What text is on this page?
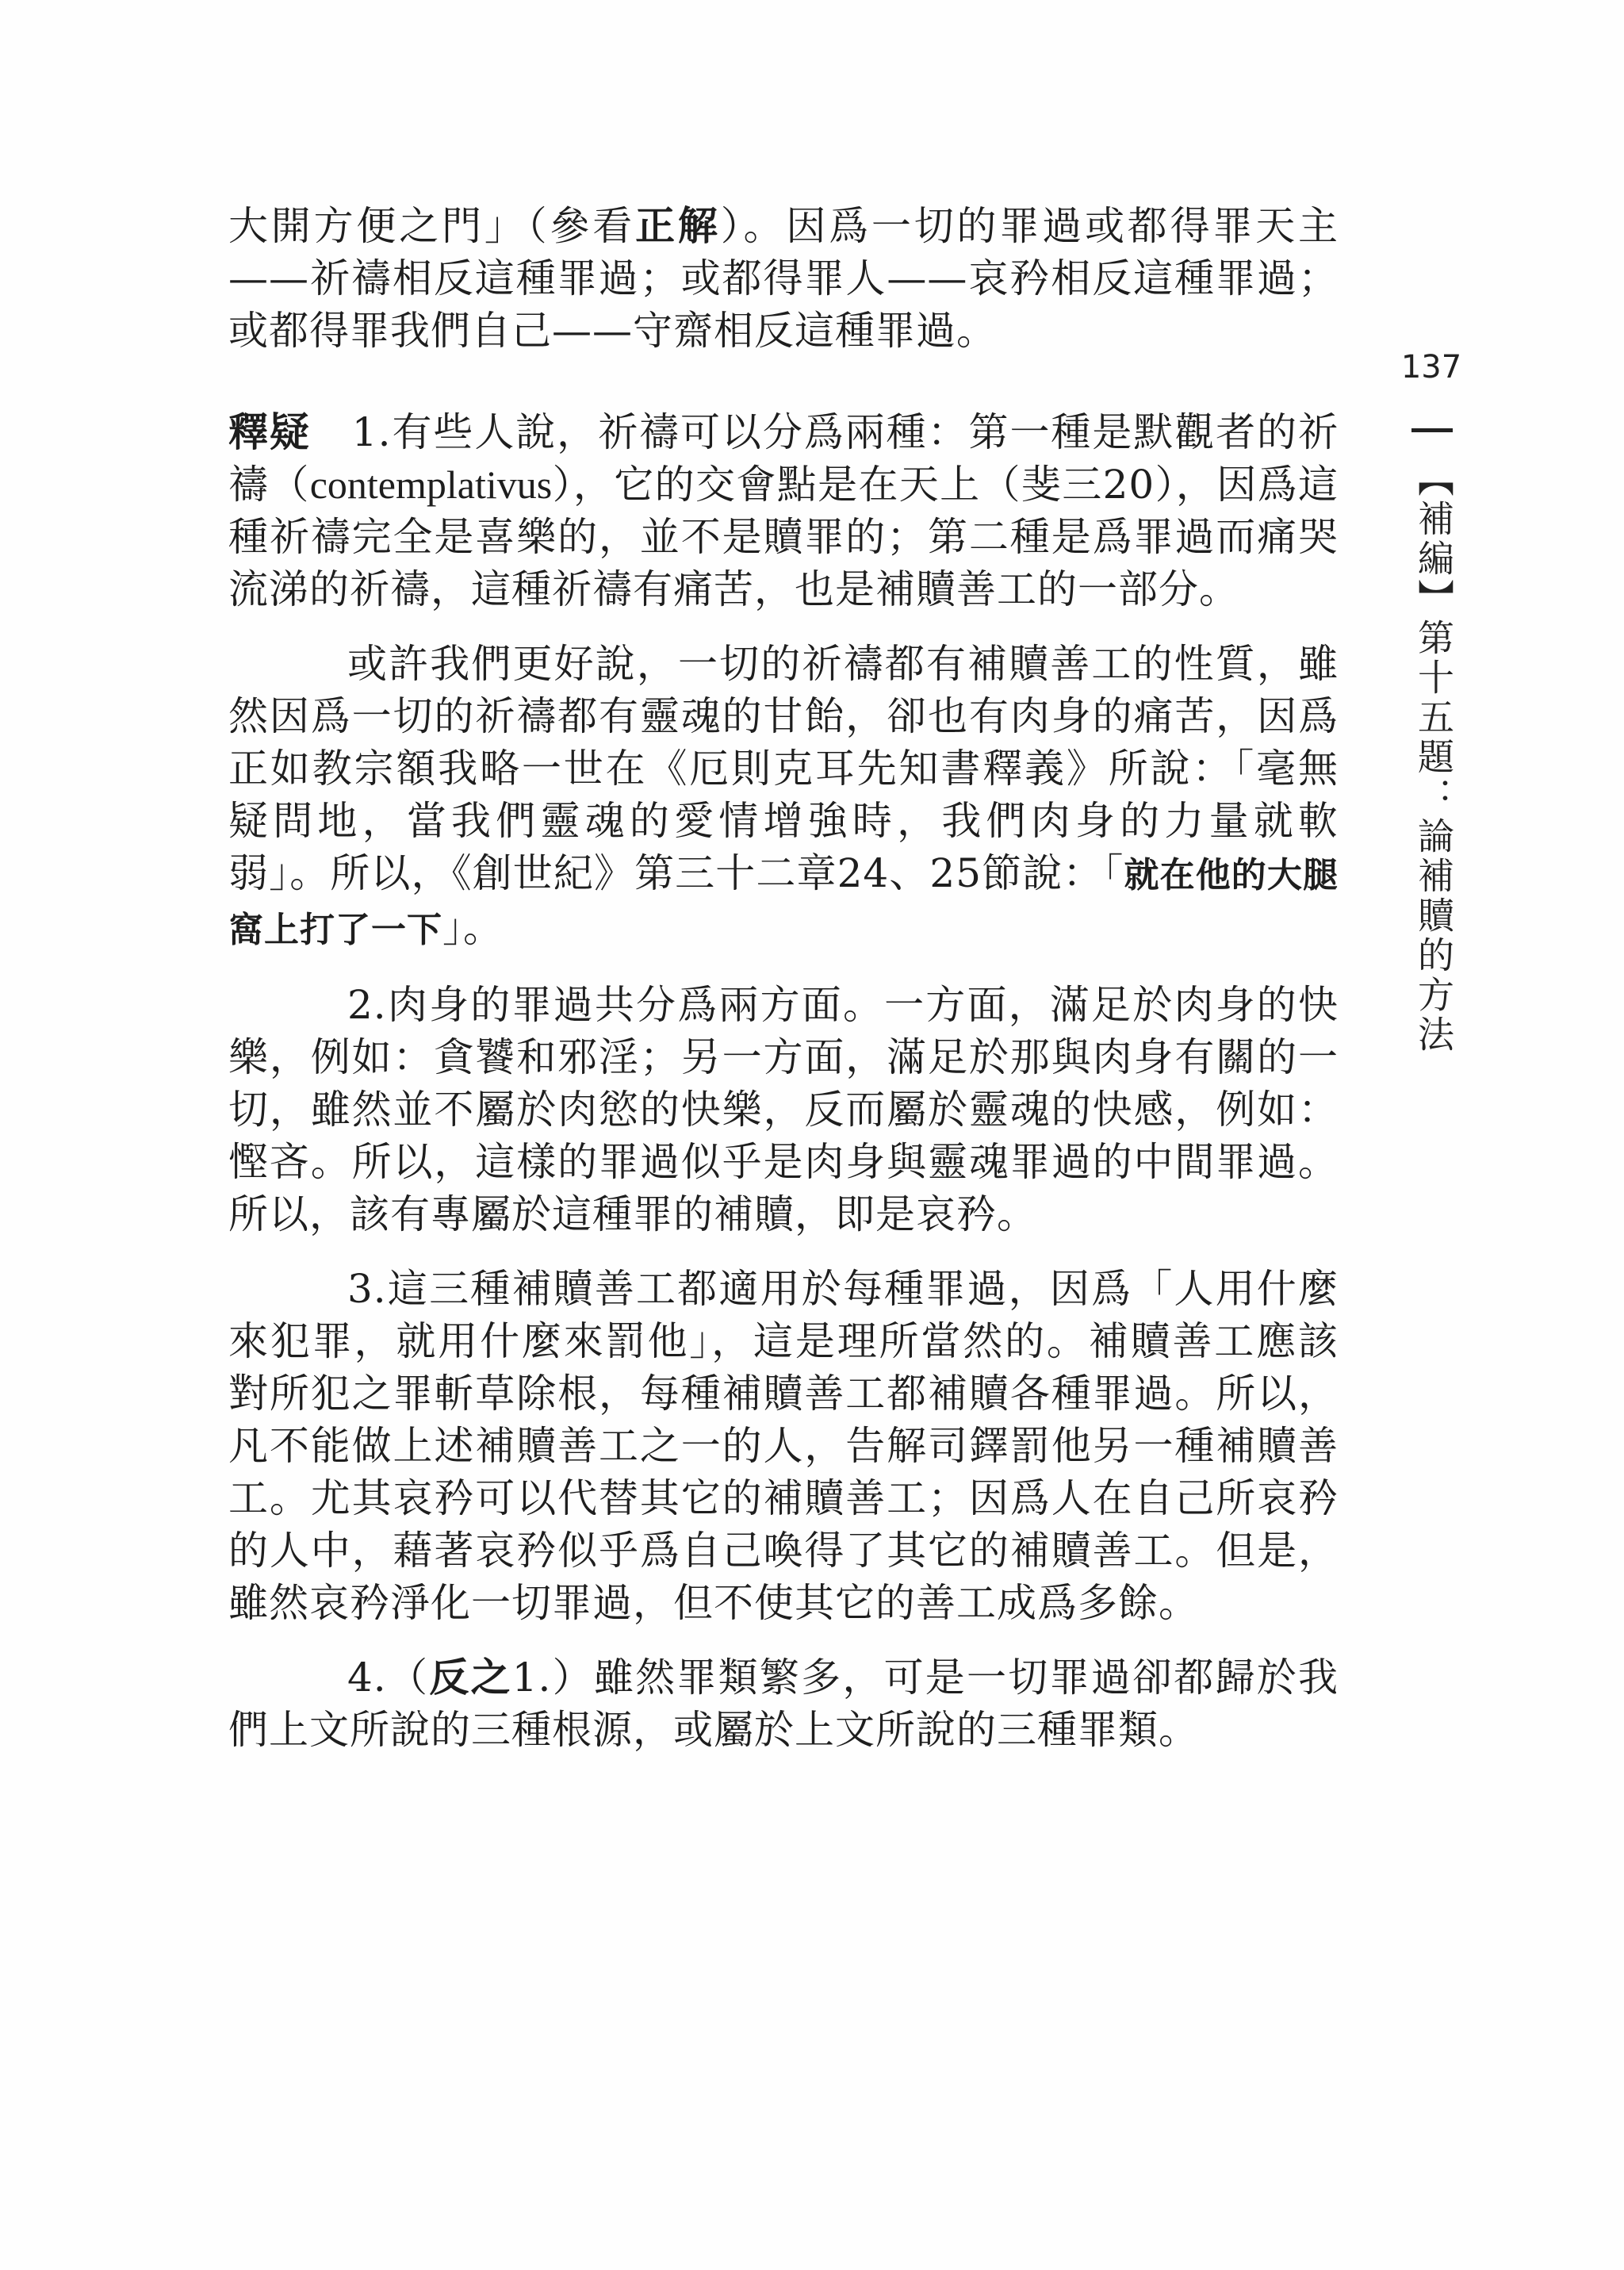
137
【補編】第十五題：論補贖的方法

大開方便之門」（參看正解）。因爲一切的罪過或都得罪天主——祈禱相反這種罪過；或都得罪人——哀矜相反這種罪過；或都得罪我們自己——守齋相反這種罪過。

釋疑　1.有些人說，祈禱可以分爲兩種：第一種是默觀者的祈禱（contemplativus），它的交會點是在天上（斐三20），因爲這種祈禱完全是喜樂的，並不是贖罪的；第二種是爲罪過而痛哭流涕的祈禱，這種祈禱有痛苦，也是補贖善工的一部分。

或許我們更好說，一切的祈禱都有補贖善工的性質，雖然因爲一切的祈禱都有靈魂的甘飴，卻也有肉身的痛苦，因爲正如教宗額我略一世在《厄則克耳先知書釋義》所說：「毫無疑問地，當我們靈魂的愛情增強時，我們肉身的力量就軟弱」。所以，《創世紀》第三十二章24、25節說：「就在他的大腿窩上打了一下」。

2.肉身的罪過共分爲兩方面。一方面，滿足於肉身的快樂，例如：貪饕和邪淫；另一方面，滿足於那與肉身有關的一切，雖然並不屬於肉慾的快樂，反而屬於靈魂的快感，例如：慳吝。所以，這樣的罪過似乎是肉身與靈魂罪過的中間罪過。所以，該有專屬於這種罪的補贖，即是哀矜。

3.這三種補贖善工都適用於每種罪過，因爲「人用什麼來犯罪，就用什麼來罰他」，這是理所當然的。補贖善工應該對所犯之罪斬草除根，每種補贖善工都補贖各種罪過。所以，凡不能做上述補贖善工之一的人，告解司鐸罰他另一種補贖善工。尤其哀矜可以代替其它的補贖善工；因爲人在自己所哀矜的人中，藉著哀矜似乎爲自己喚得了其它的補贖善工。但是，雖然哀矜淨化一切罪過，但不使其它的善工成爲多餘。

4.（反之1.）雖然罪類繁多，可是一切罪過卻都歸於我們上文所說的三種根源，或屬於上文所說的三種罪類。
